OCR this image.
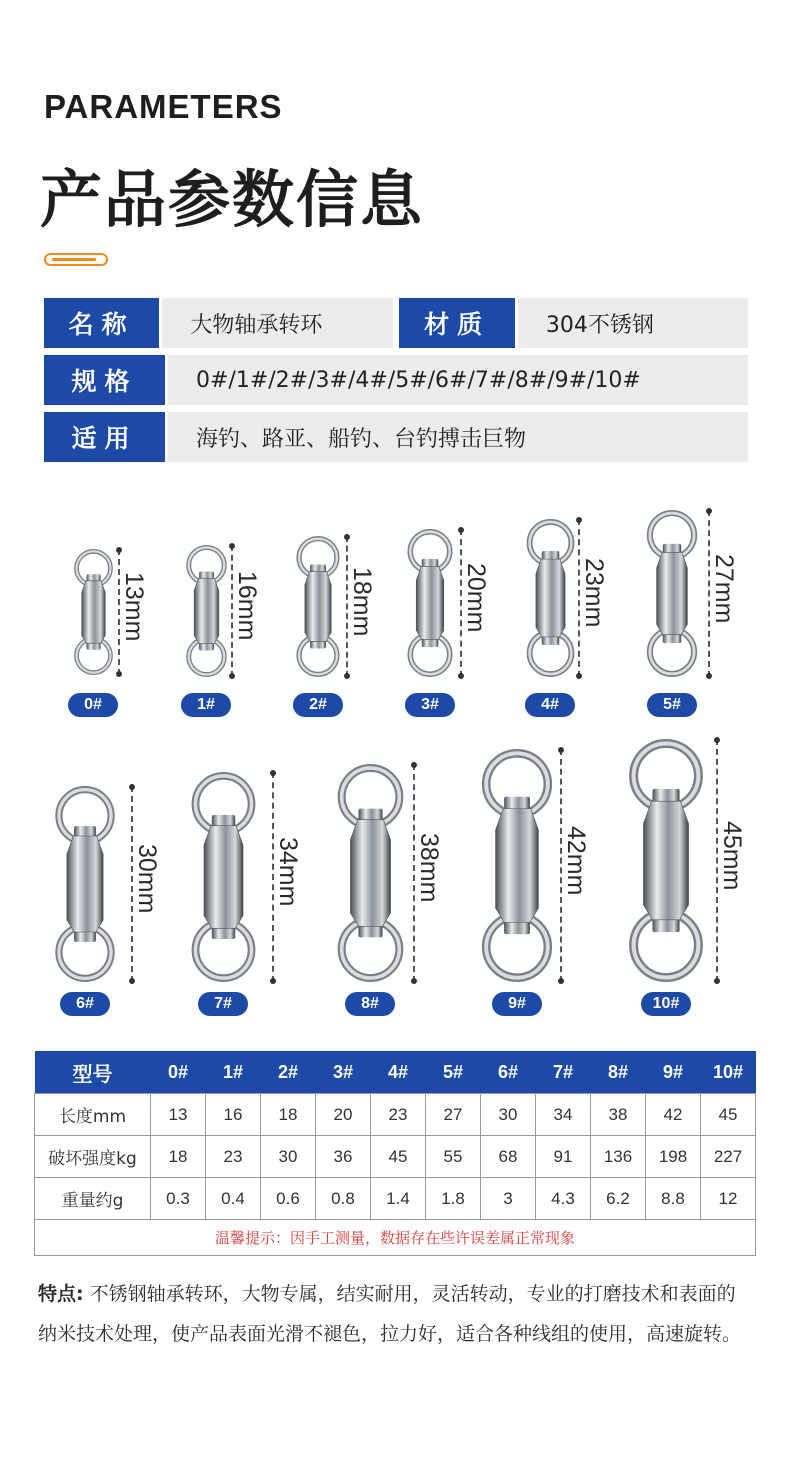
PARAMETERS
产品参数信息
名称	大物轴承转环	材质	304不锈钢
规格	0#/1#/2#/3#/4#/5#/6#/7#/8#/9#/10#
适用	海钓、路亚、船钓、台钓搏击巨物
13mm
0#
16mm
1#
18mm
2#
20mm
3#
23mm
4#
27mm
5#
30mm
6#
34mm
7#
38mm
8#
42mm
9#
45mm
10#
型号	0#	1#	2#	3#	4#	5#	6#	7#	8#	9#	10#
长度mm	13	16	18	20	23	27	30	34	38	42	45
破坏强度kg	18	23	30	36	45	55	68	91	136	198	227
重量约g	0.3	0.4	0.6	0.8	1.4	1.8	3	4.3	6.2	8.8	12
温馨提示：因手工测量，数据存在些许误差属正常现象											
特点: 不锈钢轴承转环，大物专属，结实耐用，灵活转动，专业的打磨技术和表面的纳米技术处理，使产品表面光滑不褪色，拉力好，适合各种线组的使用，高速旋转。
